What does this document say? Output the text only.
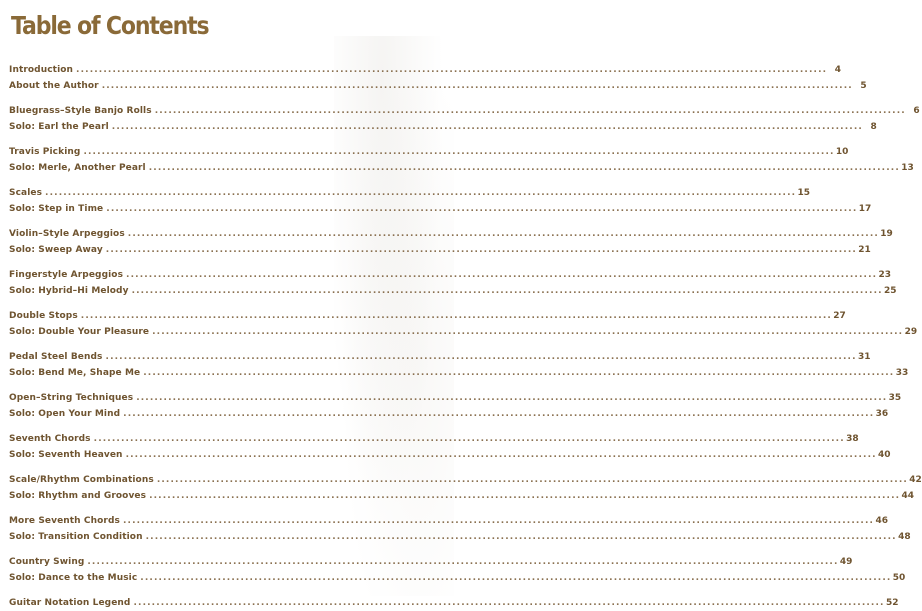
Table of Contents
Introduction . . .	4
About the Author . . .	5
Bluegrass–Style Banjo Rolls . . .	6
Solo: Earl the Pearl . . .	8
Travis Picking . . .	10
Solo: Merle, Another Pearl . . .	13
Scales . . .	15
Solo: Step in Time . . .	17
Violin–Style Arpeggios . . .	19
Solo: Sweep Away . . .	21
Fingerstyle Arpeggios . . .	23
Solo: Hybrid–Hi Melody . . .	25
Double Stops . . .	27
Solo: Double Your Pleasure . . .	29
Pedal Steel Bends . . .	31
Solo: Bend Me, Shape Me . . .	33
Open–String Techniques . . .	35
Solo: Open Your Mind . . .	36
Seventh Chords . . .	38
Solo: Seventh Heaven . . .	40
Scale/Rhythm Combinations . . .	42
Solo: Rhythm and Grooves . . .	44
More Seventh Chords . . .	46
Solo: Transition Condition . . .	48
Country Swing . . .	49
Solo: Dance to the Music . . .	50
Guitar Notation Legend . . .	52
